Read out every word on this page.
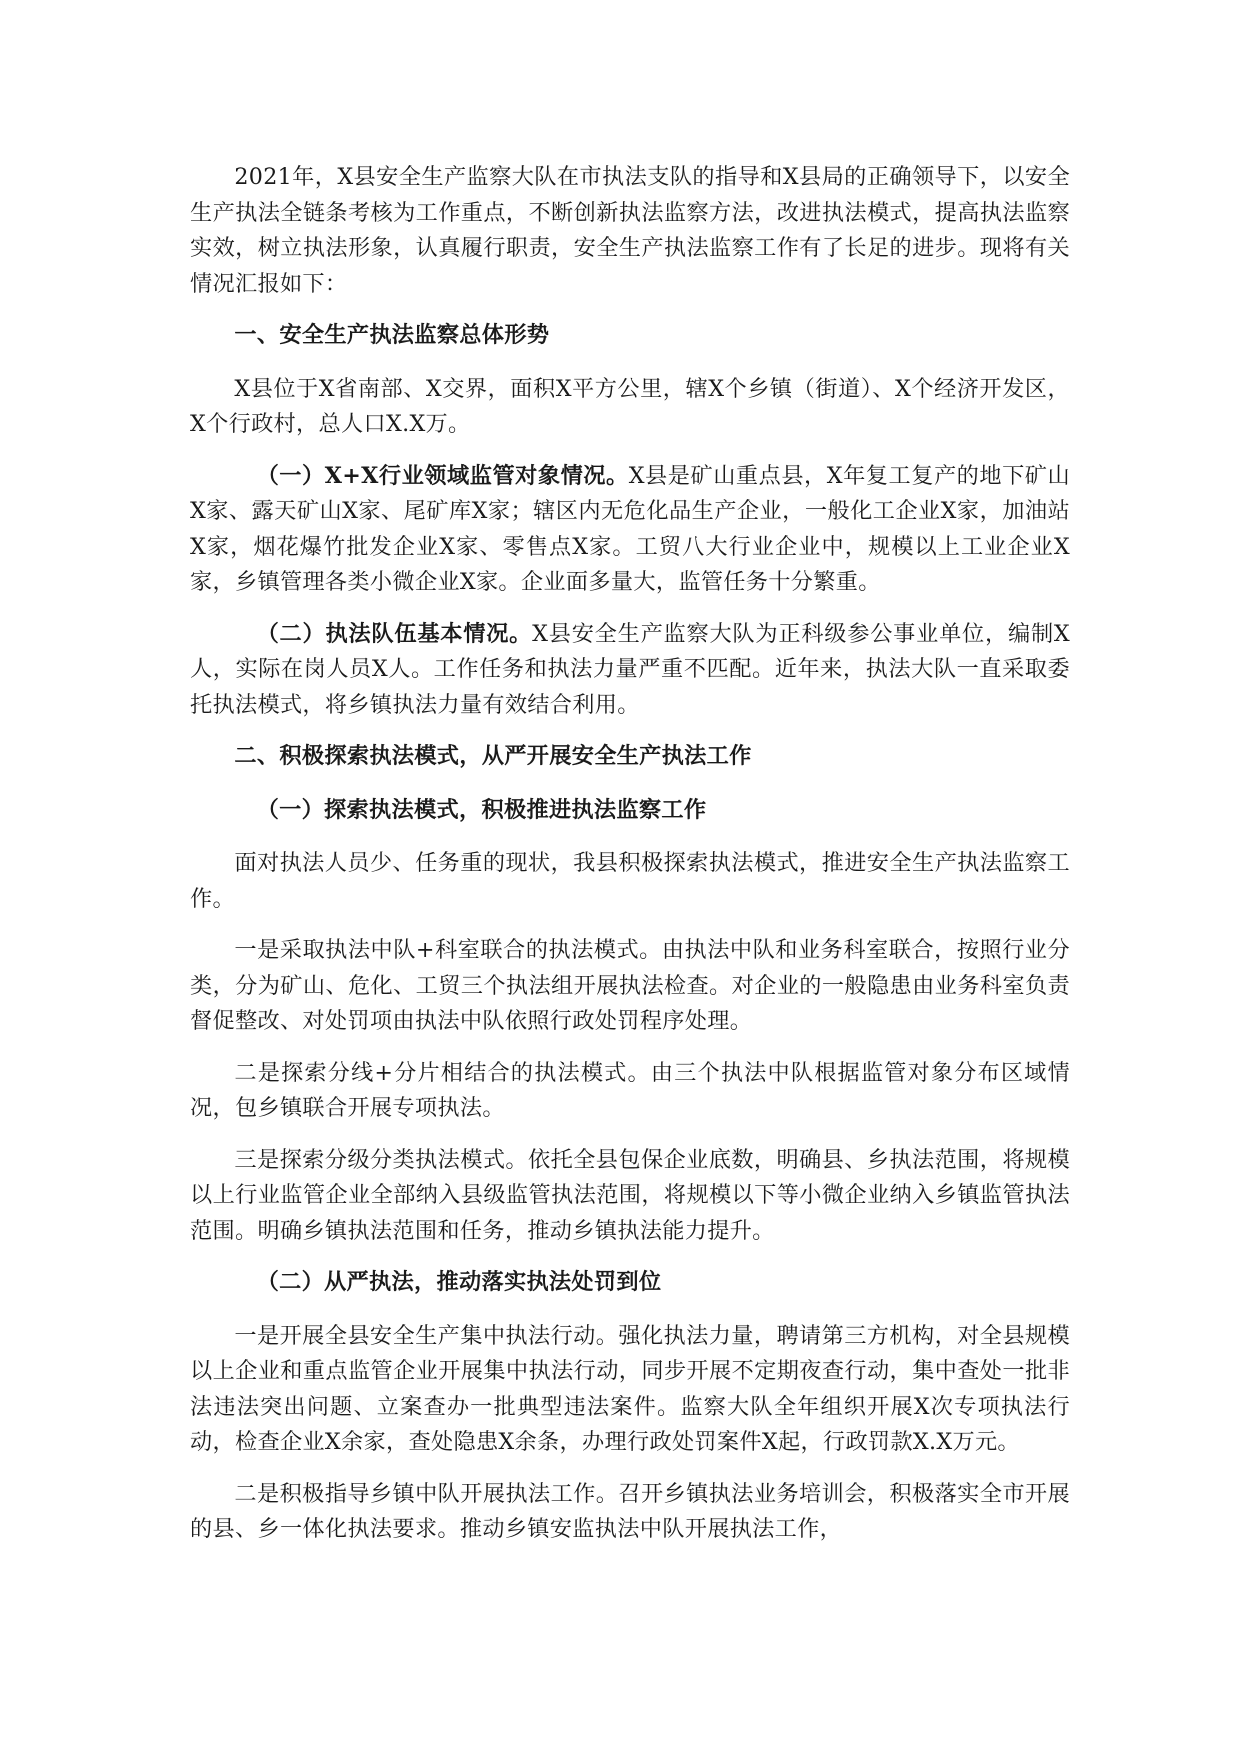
2021年，X县安全生产监察大队在市执法支队的指导和X县局的正确领导下，以安全生产执法全链条考核为工作重点，不断创新执法监察方法，改进执法模式，提高执法监察实效，树立执法形象，认真履行职责，安全生产执法监察工作有了长足的进步。现将有关情况汇报如下：

一、安全生产执法监察总体形势

X县位于X省南部、X交界，面积X平方公里，辖X个乡镇（街道）、X个经济开发区，X个行政村，总人口X.X万。

（一）X+X行业领域监管对象情况。X县是矿山重点县，X年复工复产的地下矿山X家、露天矿山X家、尾矿库X家；辖区内无危化品生产企业，一般化工企业X家，加油站X家，烟花爆竹批发企业X家、零售点X家。工贸八大行业企业中，规模以上工业企业X家，乡镇管理各类小微企业X家。企业面多量大，监管任务十分繁重。

（二）执法队伍基本情况。X县安全生产监察大队为正科级参公事业单位，编制X人，实际在岗人员X人。工作任务和执法力量严重不匹配。近年来，执法大队一直采取委托执法模式，将乡镇执法力量有效结合利用。

二、积极探索执法模式，从严开展安全生产执法工作

（一）探索执法模式，积极推进执法监察工作

面对执法人员少、任务重的现状，我县积极探索执法模式，推进安全生产执法监察工作。

一是采取执法中队+科室联合的执法模式。由执法中队和业务科室联合，按照行业分类，分为矿山、危化、工贸三个执法组开展执法检查。对企业的一般隐患由业务科室负责督促整改、对处罚项由执法中队依照行政处罚程序处理。

二是探索分线+分片相结合的执法模式。由三个执法中队根据监管对象分布区域情况，包乡镇联合开展专项执法。

三是探索分级分类执法模式。依托全县包保企业底数，明确县、乡执法范围，将规模以上行业监管企业全部纳入县级监管执法范围，将规模以下等小微企业纳入乡镇监管执法范围。明确乡镇执法范围和任务，推动乡镇执法能力提升。

（二）从严执法，推动落实执法处罚到位

一是开展全县安全生产集中执法行动。强化执法力量，聘请第三方机构，对全县规模以上企业和重点监管企业开展集中执法行动，同步开展不定期夜查行动，集中查处一批非法违法突出问题、立案查办一批典型违法案件。监察大队全年组织开展X次专项执法行动，检查企业X余家，查处隐患X余条，办理行政处罚案件X起，行政罚款X.X万元。

二是积极指导乡镇中队开展执法工作。召开乡镇执法业务培训会，积极落实全市开展的县、乡一体化执法要求。推动乡镇安监执法中队开展执法工作，
